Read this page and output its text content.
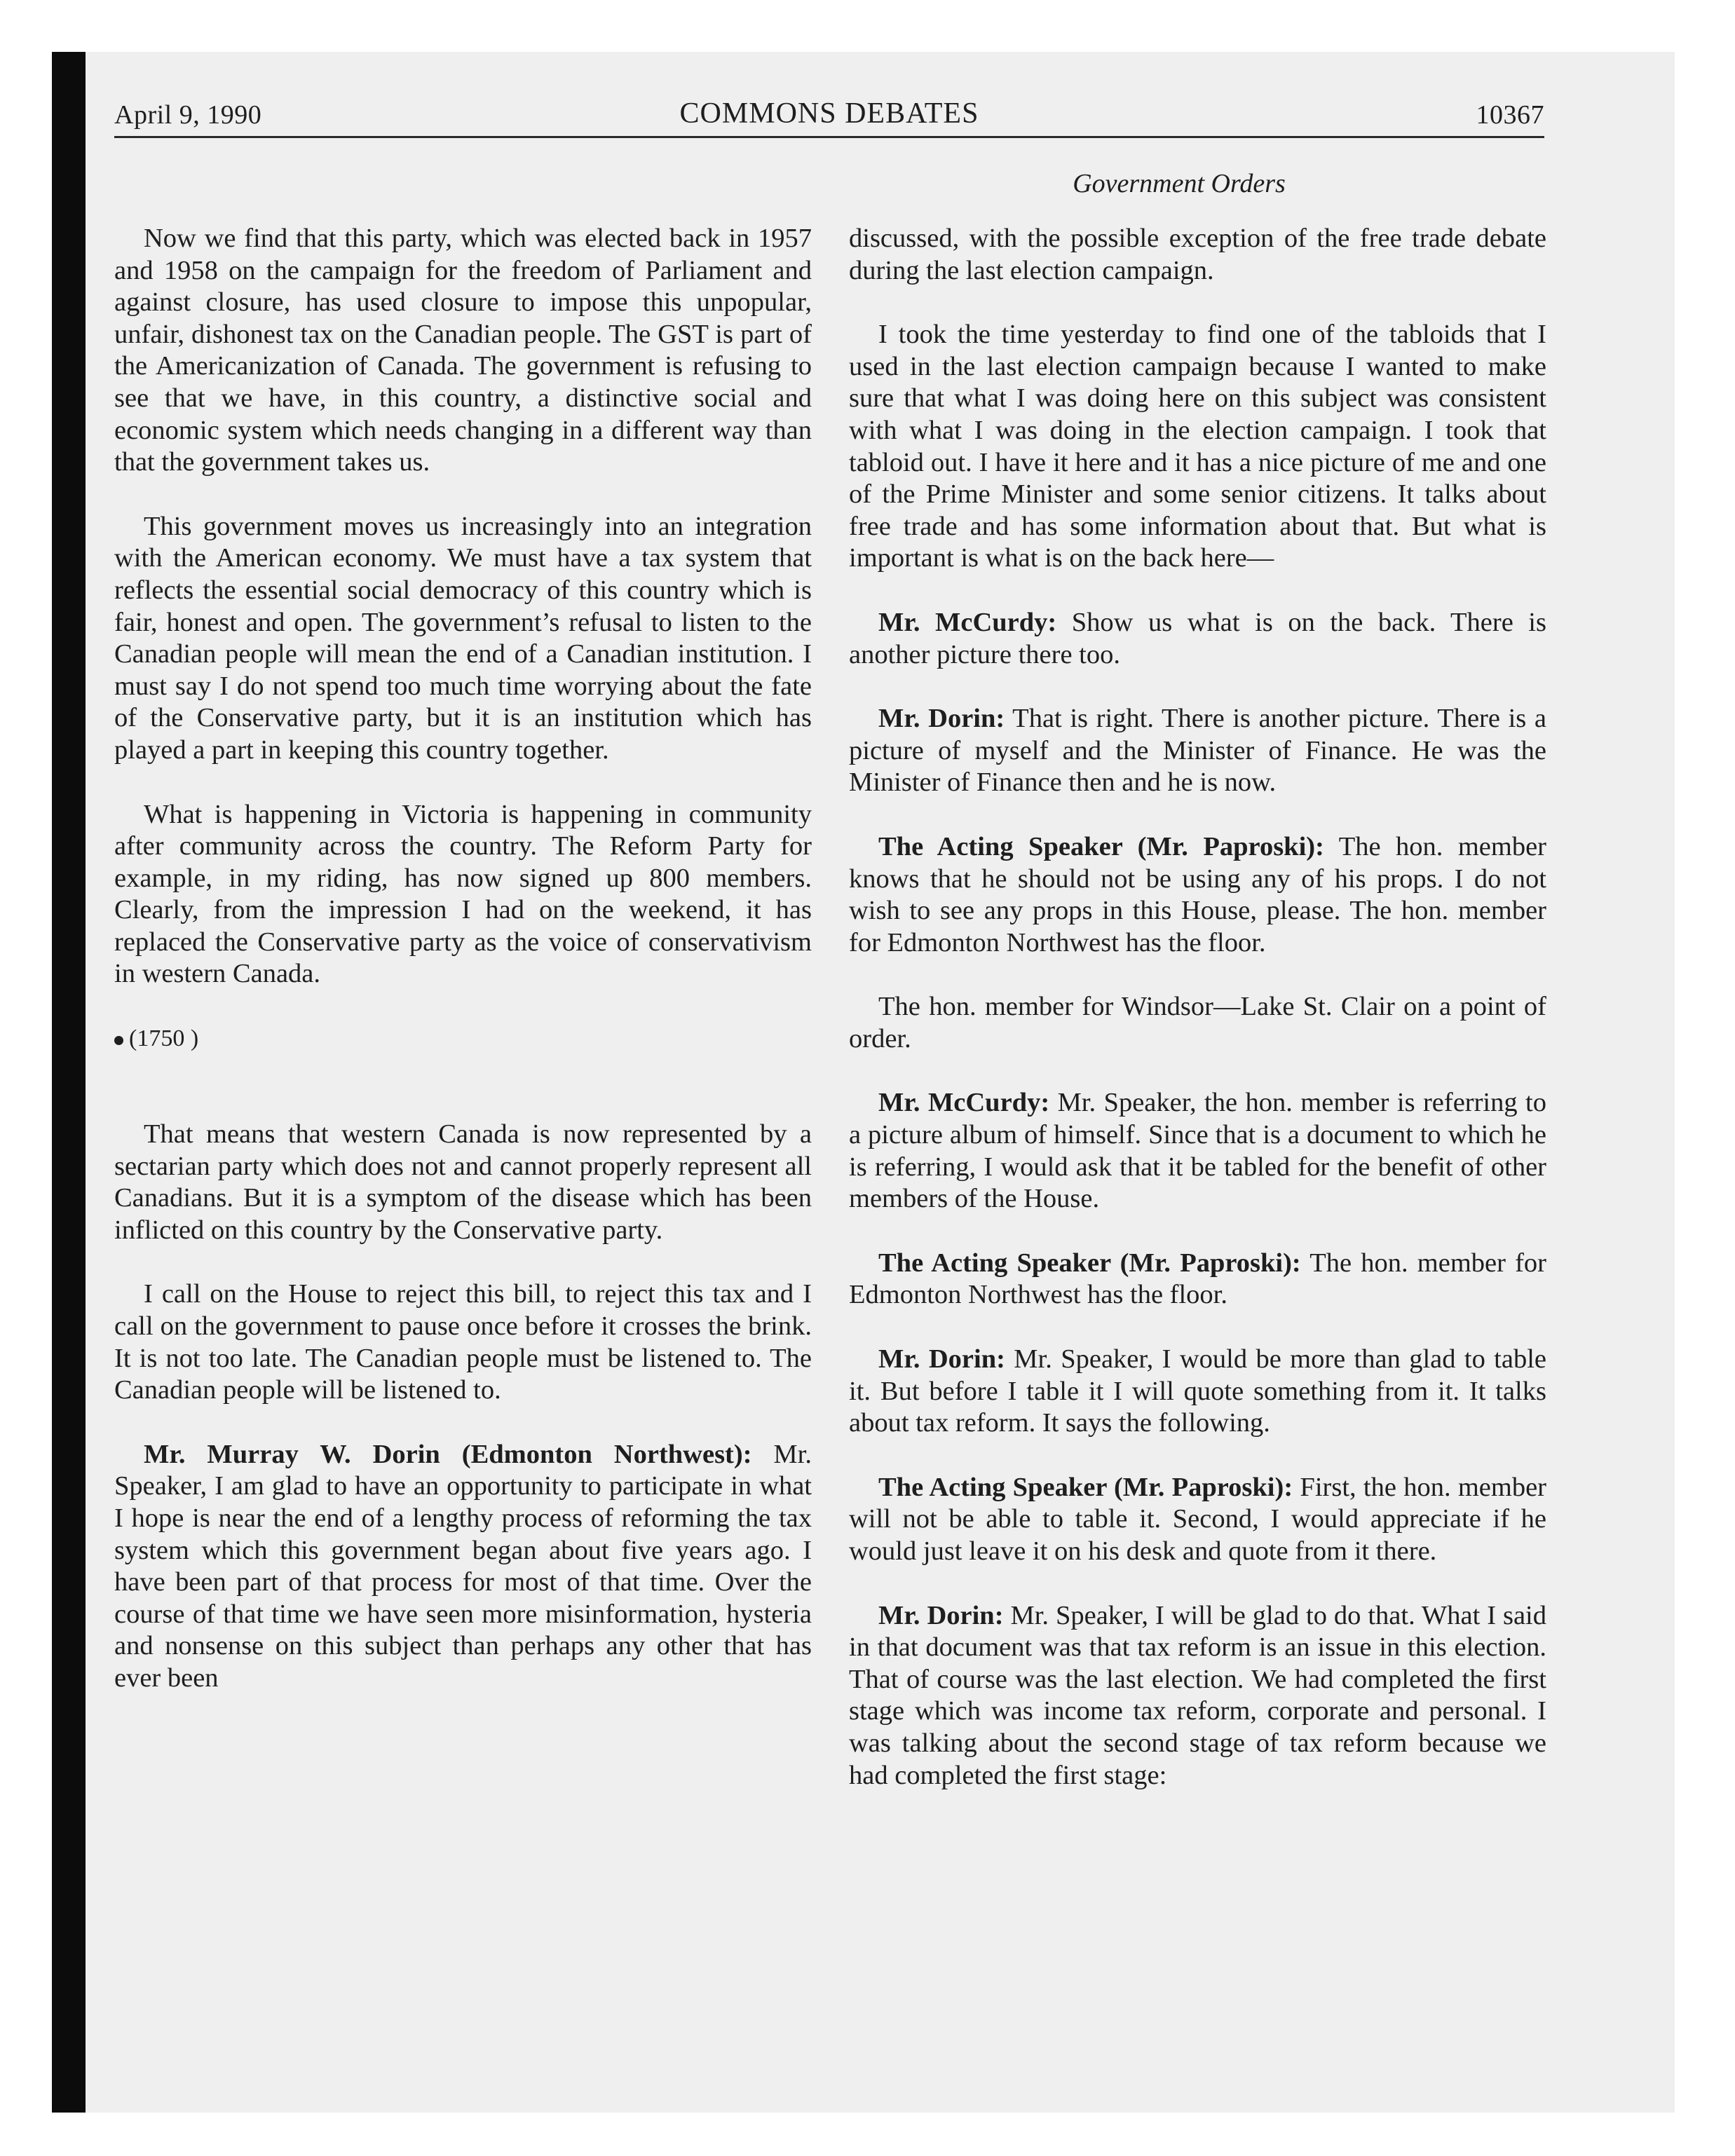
April 9, 1990	COMMONS DEBATES	10367
Government Orders

Now we find that this party, which was elected back in 1957 and 1958 on the campaign for the freedom of Parliament and against closure, has used closure to impose this unpopular, unfair, dishonest tax on the Canadian people. The GST is part of the Americanization of Canada. The government is refusing to see that we have, in this country, a distinctive social and economic system which needs changing in a different way than that the government takes us.

This government moves us increasingly into an integration with the American economy. We must have a tax system that reflects the essential social democracy of this country which is fair, honest and open. The government’s refusal to listen to the Canadian people will mean the end of a Canadian institution. I must say I do not spend too much time worrying about the fate of the Conservative party, but it is an institution which has played a part in keeping this country together.

What is happening in Victoria is happening in community after community across the country. The Reform Party for example, in my riding, has now signed up 800 members. Clearly, from the impression I had on the weekend, it has replaced the Conservative party as the voice of conservativism in western Canada.

(1750 )

That means that western Canada is now represented by a sectarian party which does not and cannot properly represent all Canadians. But it is a symptom of the disease which has been inflicted on this country by the Conservative party.

I call on the House to reject this bill, to reject this tax and I call on the government to pause once before it crosses the brink. It is not too late. The Canadian people must be listened to. The Canadian people will be listened to.

Mr. Murray W. Dorin (Edmonton Northwest): Mr. Speaker, I am glad to have an opportunity to participate in what I hope is near the end of a lengthy process of reforming the tax system which this government began about five years ago. I have been part of that process for most of that time. Over the course of that time we have seen more misinformation, hysteria and nonsense on this subject than perhaps any other that has ever been

discussed, with the possible exception of the free trade debate during the last election campaign.

I took the time yesterday to find one of the tabloids that I used in the last election campaign because I wanted to make sure that what I was doing here on this subject was consistent with what I was doing in the election campaign. I took that tabloid out. I have it here and it has a nice picture of me and one of the Prime Minister and some senior citizens. It talks about free trade and has some information about that. But what is important is what is on the back here—

Mr. McCurdy: Show us what is on the back. There is another picture there too.

Mr. Dorin: That is right. There is another picture. There is a picture of myself and the Minister of Finance. He was the Minister of Finance then and he is now.

The Acting Speaker (Mr. Paproski): The hon. member knows that he should not be using any of his props. I do not wish to see any props in this House, please. The hon. member for Edmonton Northwest has the floor.

The hon. member for Windsor—Lake St. Clair on a point of order.

Mr. McCurdy: Mr. Speaker, the hon. member is referring to a picture album of himself. Since that is a document to which he is referring, I would ask that it be tabled for the benefit of other members of the House.

The Acting Speaker (Mr. Paproski): The hon. member for Edmonton Northwest has the floor.

Mr. Dorin: Mr. Speaker, I would be more than glad to table it. But before I table it I will quote something from it. It talks about tax reform. It says the following.

The Acting Speaker (Mr. Paproski): First, the hon. member will not be able to table it. Second, I would appreciate if he would just leave it on his desk and quote from it there.

Mr. Dorin: Mr. Speaker, I will be glad to do that. What I said in that document was that tax reform is an issue in this election. That of course was the last election. We had completed the first stage which was income tax reform, corporate and personal. I was talking about the second stage of tax reform because we had completed the first stage:
